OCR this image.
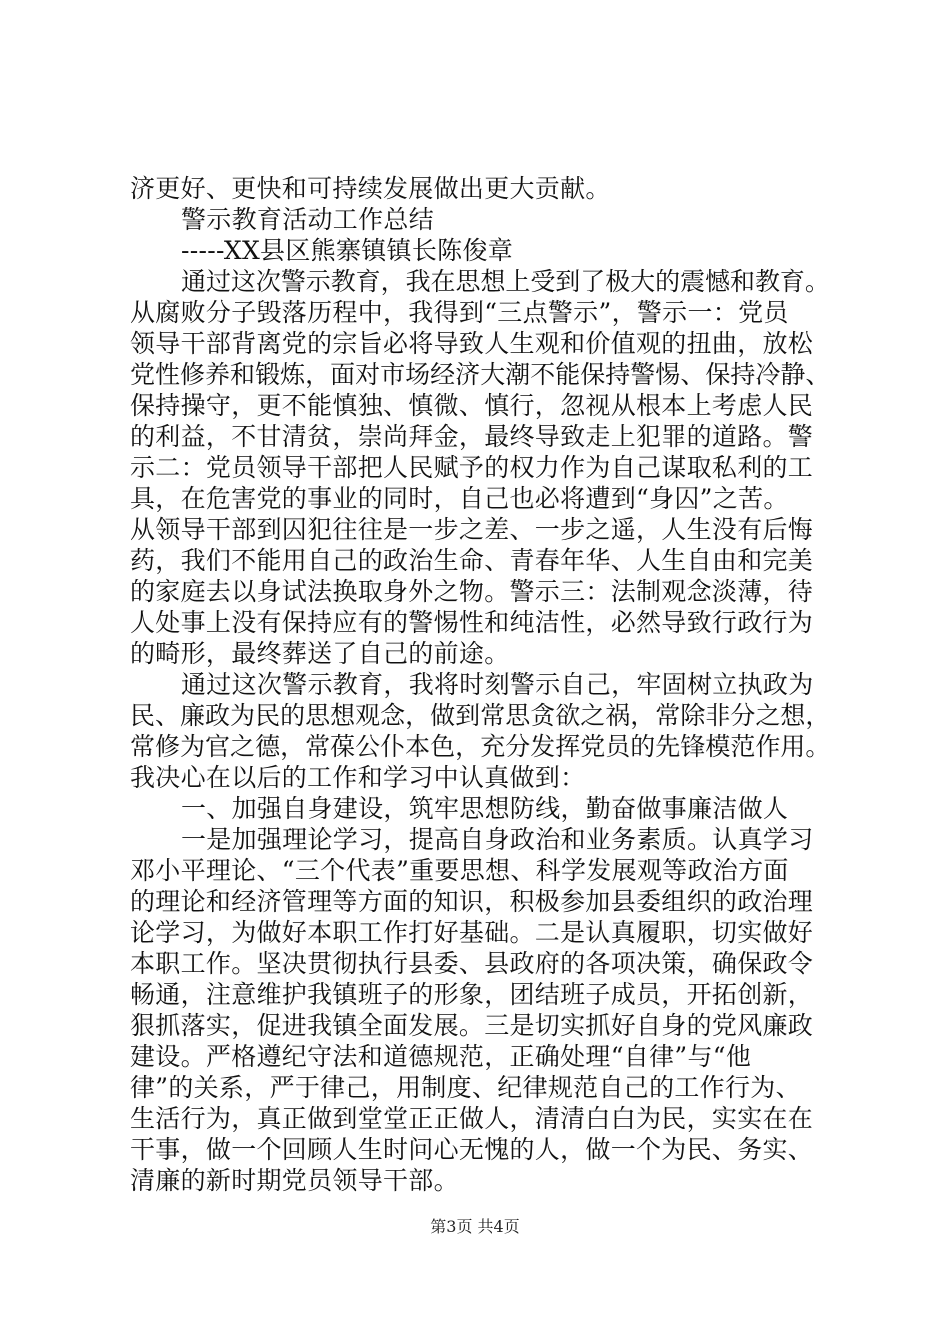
济更好、更快和可持续发展做出更大贡献。
警示教育活动工作总结
-----XX县区熊寨镇镇长陈俊章
通过这次警示教育，我在思想上受到了极大的震憾和教育。
从腐败分子毁落历程中，我得到“三点警示”，警示一：党员
领导干部背离党的宗旨必将导致人生观和价值观的扭曲，放松
党性修养和锻炼，面对市场经济大潮不能保持警惕、保持冷静、
保持操守，更不能慎独、慎微、慎行，忽视从根本上考虑人民
的利益，不甘清贫，崇尚拜金，最终导致走上犯罪的道路。警
示二：党员领导干部把人民赋予的权力作为自己谋取私利的工
具，在危害党的事业的同时，自己也必将遭到“身囚”之苦。
从领导干部到囚犯往往是一步之差、一步之遥，人生没有后悔
药，我们不能用自己的政治生命、青春年华、人生自由和完美
的家庭去以身试法换取身外之物。警示三：法制观念淡薄，待
人处事上没有保持应有的警惕性和纯洁性，必然导致行政行为
的畸形，最终葬送了自己的前途。
通过这次警示教育，我将时刻警示自己，牢固树立执政为
民、廉政为民的思想观念，做到常思贪欲之祸，常除非分之想，
常修为官之德，常葆公仆本色，充分发挥党员的先锋模范作用。
我决心在以后的工作和学习中认真做到：
一、加强自身建设，筑牢思想防线，勤奋做事廉洁做人
一是加强理论学习，提高自身政治和业务素质。认真学习
邓小平理论、“三个代表”重要思想、科学发展观等政治方面
的理论和经济管理等方面的知识，积极参加县委组织的政治理
论学习，为做好本职工作打好基础。二是认真履职，切实做好
本职工作。坚决贯彻执行县委、县政府的各项决策，确保政令
畅通，注意维护我镇班子的形象，团结班子成员，开拓创新，
狠抓落实，促进我镇全面发展。三是切实抓好自身的党风廉政
建设。严格遵纪守法和道德规范，正确处理“自律”与“他
律”的关系，严于律己，用制度、纪律规范自己的工作行为、
生活行为，真正做到堂堂正正做人，清清白白为民，实实在在
干事，做一个回顾人生时问心无愧的人，做一个为民、务实、
清廉的新时期党员领导干部。
第3页 共4页
